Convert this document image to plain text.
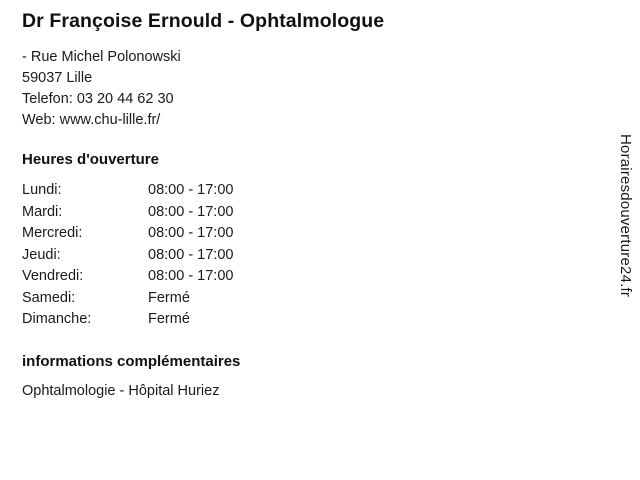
Dr Françoise Ernould - Ophtalmologue

- Rue Michel Polonowski

59037 Lille

Telefon: 03 20 44 62 30

Web: www.chu-lille.fr/

Heures d'ouverture
Lundi:	08:00 - 17:00
Mardi:	08:00 - 17:00
Mercredi:	08:00 - 17:00
Jeudi:	08:00 - 17:00
Vendredi:	08:00 - 17:00
Samedi:	Fermé
Dimanche:	Fermé
informations complémentaires

Ophtalmologie - Hôpital Huriez

Horairesdouverture24.fr
